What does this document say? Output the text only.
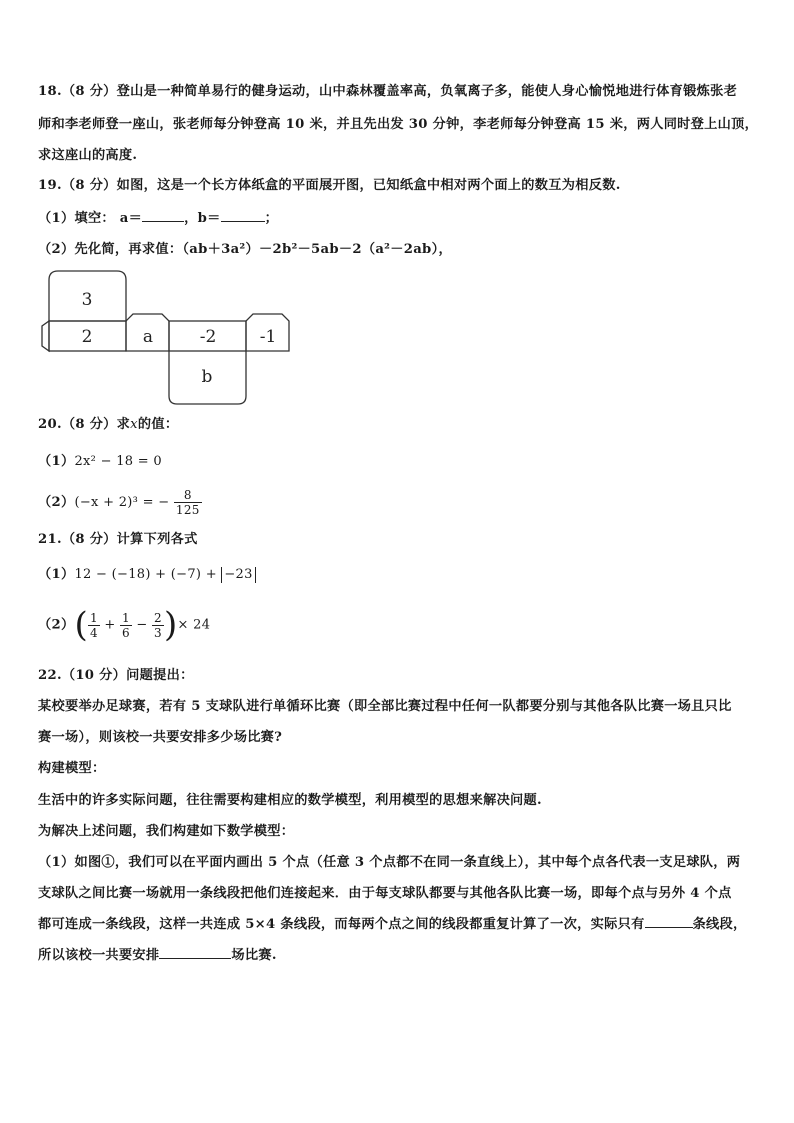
18.（8 分）登山是一种简单易行的健身运动，山中森林覆盖率高，负氧离子多，能使人身心愉悦地进行体育锻炼张老
师和李老师登一座山，张老师每分钟登高 10 米，并且先出发 30 分钟，李老师每分钟登高 15 米，两人同时登上山顶，
求这座山的高度.
19.（8 分）如图，这是一个长方体纸盒的平面展开图，已知纸盒中相对两个面上的数互为相反数.
（1）填空： a＝	，b＝	；
（2）先化简，再求值：（ab＋3a²）－2b²－5ab－2（a²－2ab），
3
2	a	-2	-1
b
20.（8 分）求x的值：
（1）2x² − 18 = 0
（2）(−x + 2)³ = − $\frac{8}{125}$
21.（8 分）计算下列各式
（1）12 − (−18) + (−7) + −23
$(2)( \frac{1}{4} + \frac{1}{6} - \frac{2}{3}$ )× 24
22.（10 分）问题提出：
某校要举办足球赛，若有 5 支球队进行单循环比赛（即全部比赛过程中任何一队都要分别与其他各队比赛一场且只比
赛一场），则该校一共要安排多少场比赛?
构建模型：
生活中的许多实际问题，往往需要构建相应的数学模型，利用模型的思想来解决问题.
为解决上述问题，我们构建如下数学模型：
（1）如图①，我们可以在平面内画出 5 个点（任意 3 个点都不在同一条直线上），其中每个点各代表一支足球队，两
支球队之间比赛一场就用一条线段把他们连接起来．由于每支球队都要与其他各队比赛一场，即每个点与另外 4 个点
都可连成一条线段，这样一共连成 5×4 条线段，而每两个点之间的线段都重复计算了一次，实际只有	条线段，
所以该校一共要安排	场比赛.
